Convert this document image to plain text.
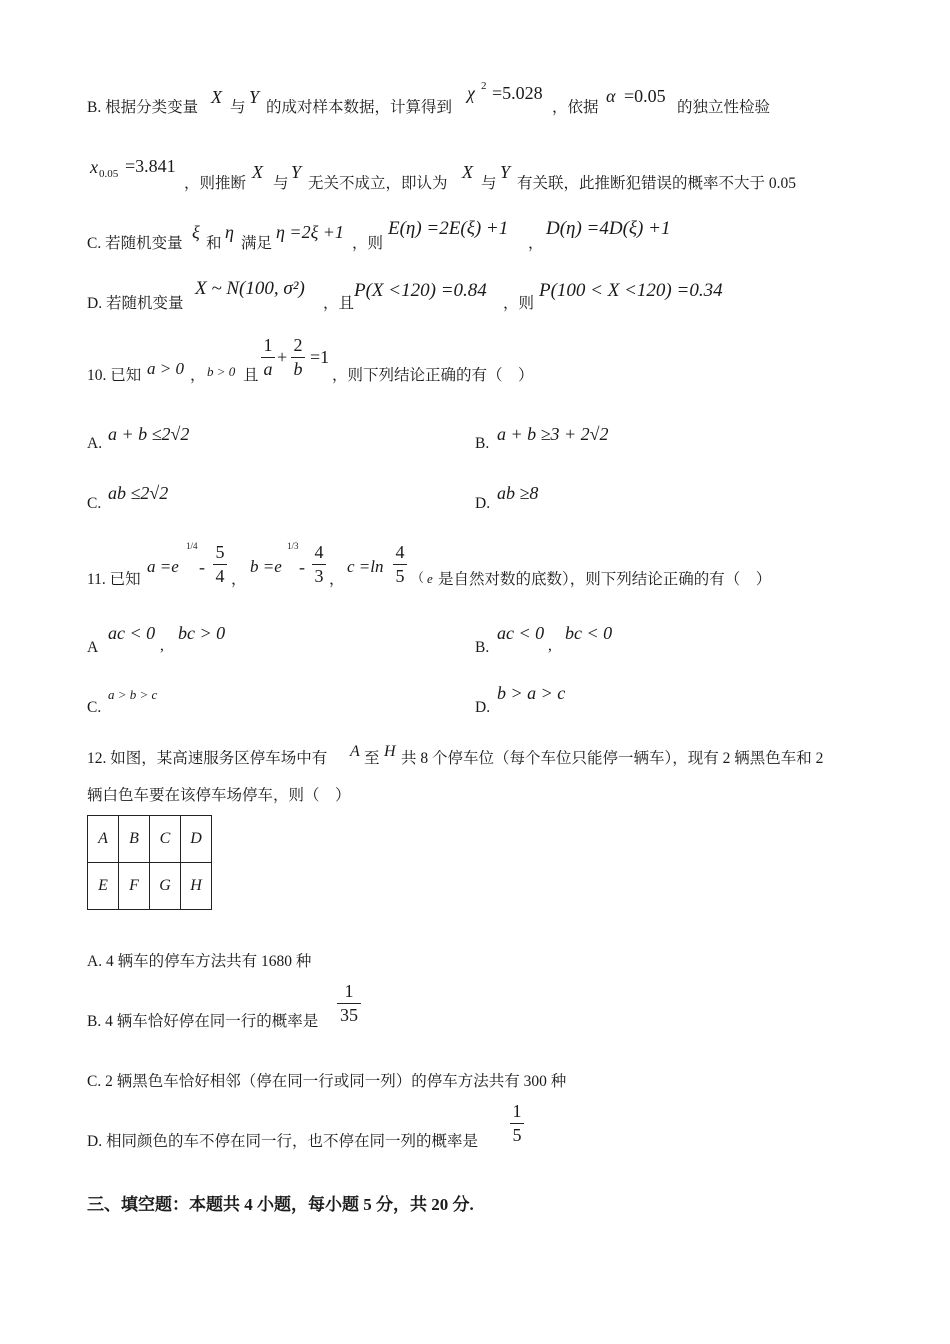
B. 根据分类变量
X
与
Y
的成对样本数据，计算得到
χ 2 =5.028
，依据
α =0.05
的独立性检验
x 0.05 =3.841
，则推断
X
与
Y
无关不成立，即认为
X
与
Y
有关联，此推断犯错误的概率不大于 0.05
C. 若随机变量
ξ
和
η
满足
η =2ξ +1
，则
E(η) =2E(ξ) +1
，
D(η) =4D(ξ) +1
D. 若随机变量
X ~ N(100, σ²)
，且
P(X <120) =0.84
，则
P(100 < X <120) =0.34
10. 已知 a > 0 ， b > 0 且
1
a
+
2
b
=1
，则下列结论正确的有（　）
A. a + b ≤2√2	B. a + b ≥3 + 2√2
C.
ab ≤2√2
D.
ab ≥8
11. 已知
a =e
1/4
-
5
4 ，
b =e
1/3
-
4
3 ，
c =ln
4
5 （ e 是自然对数的底数），则下列结论正确的有（　）
A
ac < 0
,
bc > 0
B.
ac < 0
,
bc < 0
C.
a > b > c
D.
b > a > c
12. 如图，某高速服务区停车场中有 A 至 H 共 8 个停车位（每个车位只能停一辆车），现有 2 辆黑色车和 2
辆白色车要在该停车场停车，则（　）
A	B	C	D
E	F	G	H
A. 4 辆车的停车方法共有 1680 种
B. 4 辆车恰好停在同一行的概率是
1
35
C. 2 辆黑色车恰好相邻（停在同一行或同一列）的停车方法共有 300 种
D. 相同颜色的车不停在同一行，也不停在同一列的概率是
1
5
三、填空题：本题共 4 小题，每小题 5 分，共 20 分.
